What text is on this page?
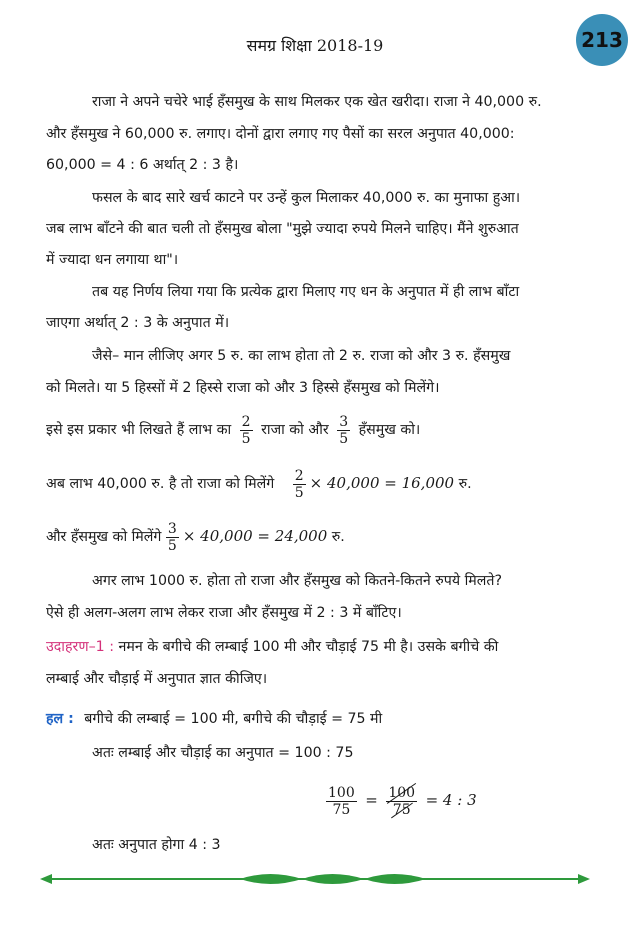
समग्र शिक्षा 2018-19	213
राजा ने अपने चचेरे भाई हँसमुख के साथ मिलकर एक खेत खरीदा। राजा ने 40,000 रु.
और हँसमुख ने 60,000 रु. लगाए। दोनों द्वारा लगाए गए पैसों का सरल अनुपात 40,000:
60,000 = 4 : 6 अर्थात् 2 : 3 है।
फसल के बाद सारे खर्च काटने पर उन्हें कुल मिलाकर 40,000 रु. का मुनाफा हुआ।
जब लाभ बाँटने की बात चली तो हँसमुख बोला "मुझे ज्यादा रुपये मिलने चाहिए। मैंने शुरुआत
में ज्यादा धन लगाया था"।
तब यह निर्णय लिया गया कि प्रत्येक द्वारा मिलाए गए धन के अनुपात में ही लाभ बाँटा
जाएगा अर्थात् 2 : 3 के अनुपात में।
जैसे– मान लीजिए अगर 5 रु. का लाभ होता तो 2 रु. राजा को और 3 रु. हँसमुख
को मिलते। या 5 हिस्सों में 2 हिस्से राजा को और 3 हिस्से हँसमुख को मिलेंगे।
इसे इस प्रकार भी लिखते हैं लाभ का $\frac{2}{5}$ राजा को और $\frac{3}{5}$ हँसमुख को।
अब लाभ 40,000 रु. है तो राजा को मिलेंगे $\frac{2}{5} \times 40,000 = 16,000$ रु.
और हँसमुख को मिलेंगे $\frac{3}{5} \times 40,000 = 24,000$ रु.
अगर लाभ 1000 रु. होता तो राजा और हँसमुख को कितने-कितने रुपये मिलते?
ऐसे ही अलग-अलग लाभ लेकर राजा और हँसमुख में 2 : 3 में बाँटिए।
उदाहरण–1 : नमन के बगीचे की लम्बाई 100 मी और चौड़ाई 75 मी है। उसके बगीचे की
लम्बाई और चौड़ाई में अनुपात ज्ञात कीजिए।
हल : बगीचे की लम्बाई = 100 मी, बगीचे की चौड़ाई = 75 मी
अतः लम्बाई और चौड़ाई का अनुपात = 100 : 75
$\frac{100}{75} = \frac{100}{75} = 4$ : 3
अतः अनुपात होगा 4 : 3
